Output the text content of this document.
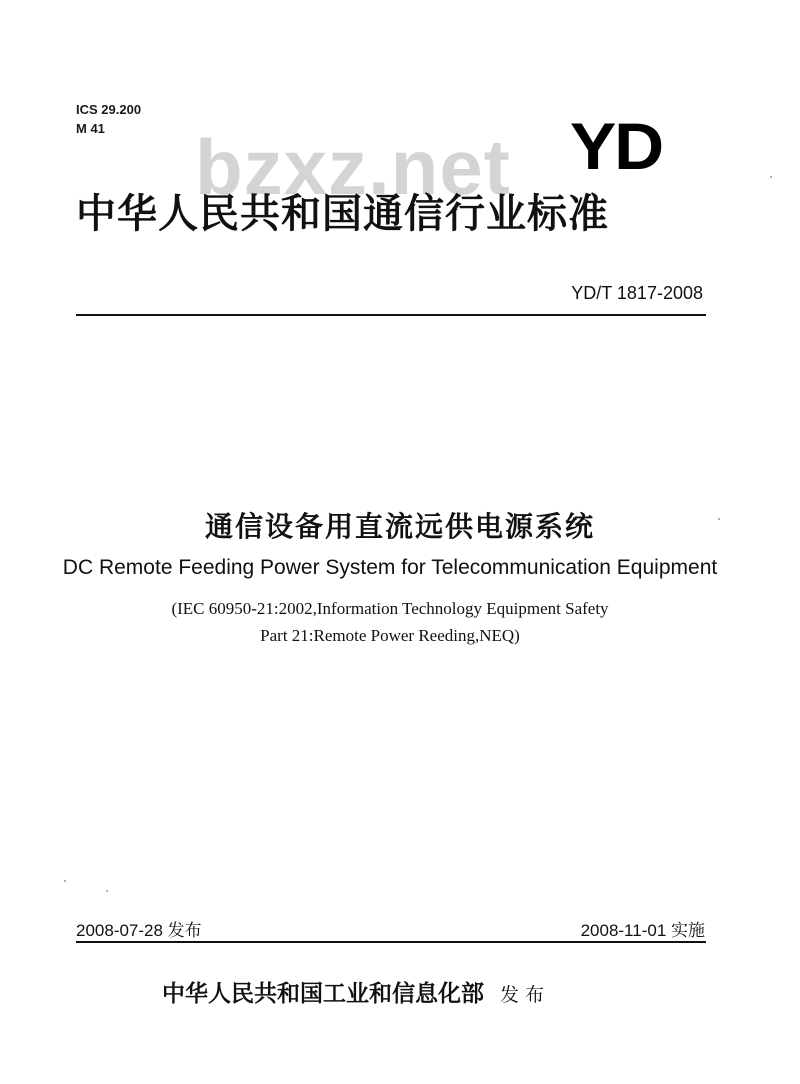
ICS 29.200
M 41	bzxz.net YD
中华人民共和国通信行业标准
YD/T 1817-2008
通信设备用直流远供电源系统
DC Remote Feeding Power System for Telecommunication Equipment
(IEC 60950-21:2002,Information Technology Equipment Safety
Part 21:Remote Power Reeding,NEQ)
2008-07-28 发布	2008-11-01 实施
中华人民共和国工业和信息化部 发布
